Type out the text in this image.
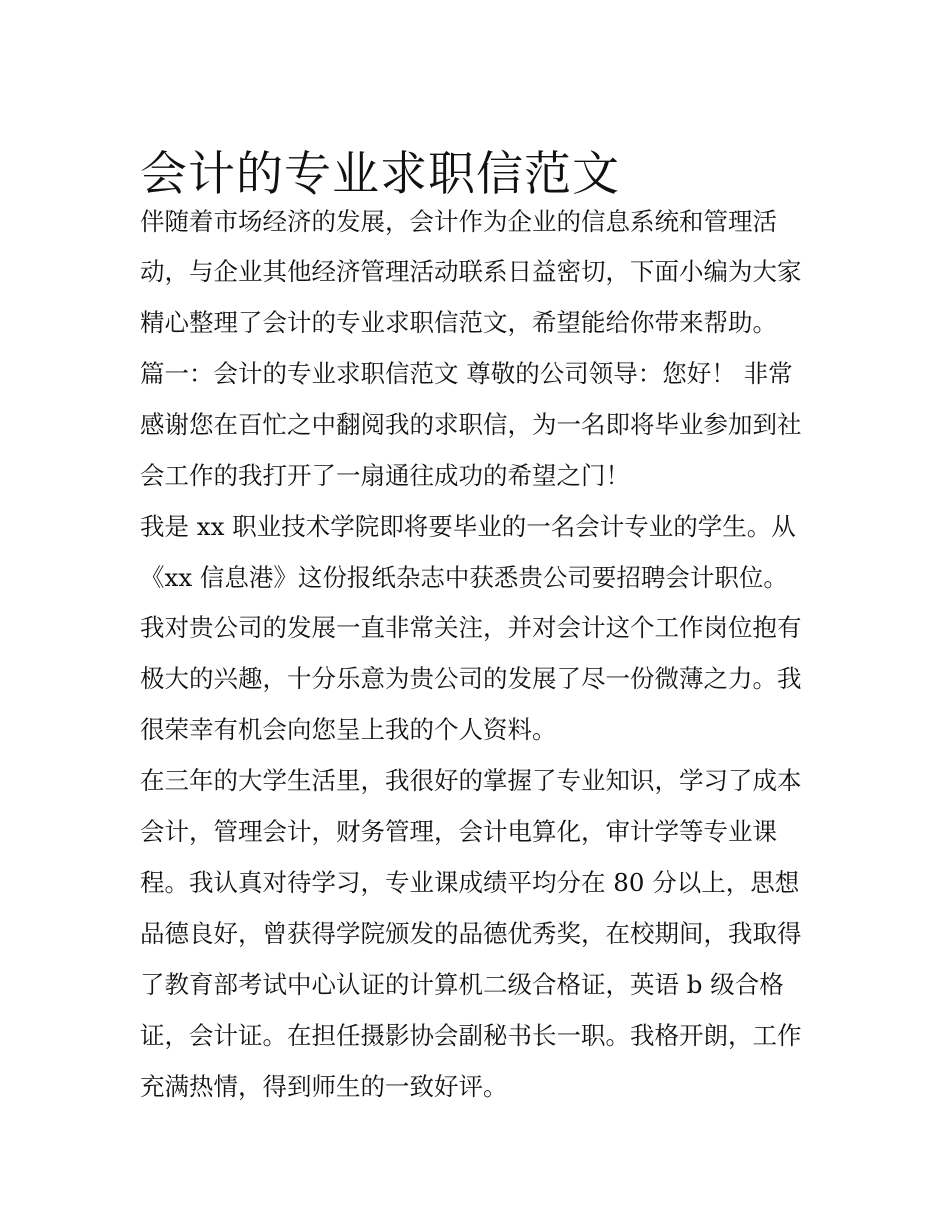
会计的专业求职信范文
伴随着市场经济的发展，会计作为企业的信息系统和管理活
动，与企业其他经济管理活动联系日益密切，下面小编为大家
精心整理了会计的专业求职信范文，希望能给你带来帮助。
篇一：会计的专业求职信范文 尊敬的公司领导：您好！ 非常
感谢您在百忙之中翻阅我的求职信，为一名即将毕业参加到社
会工作的我打开了一扇通往成功的希望之门！
我是 xx 职业技术学院即将要毕业的一名会计专业的学生。从
《xx 信息港》这份报纸杂志中获悉贵公司要招聘会计职位。
我对贵公司的发展一直非常关注，并对会计这个工作岗位抱有
极大的兴趣，十分乐意为贵公司的发展了尽一份微薄之力。我
很荣幸有机会向您呈上我的个人资料。
在三年的大学生活里，我很好的掌握了专业知识，学习了成本
会计，管理会计，财务管理，会计电算化，审计学等专业课
程。我认真对待学习，专业课成绩平均分在 80 分以上，思想
品德良好，曾获得学院颁发的品德优秀奖，在校期间，我取得
了教育部考试中心认证的计算机二级合格证，英语 b 级合格
证，会计证。在担任摄影协会副秘书长一职。我格开朗，工作
充满热情，得到师生的一致好评。
